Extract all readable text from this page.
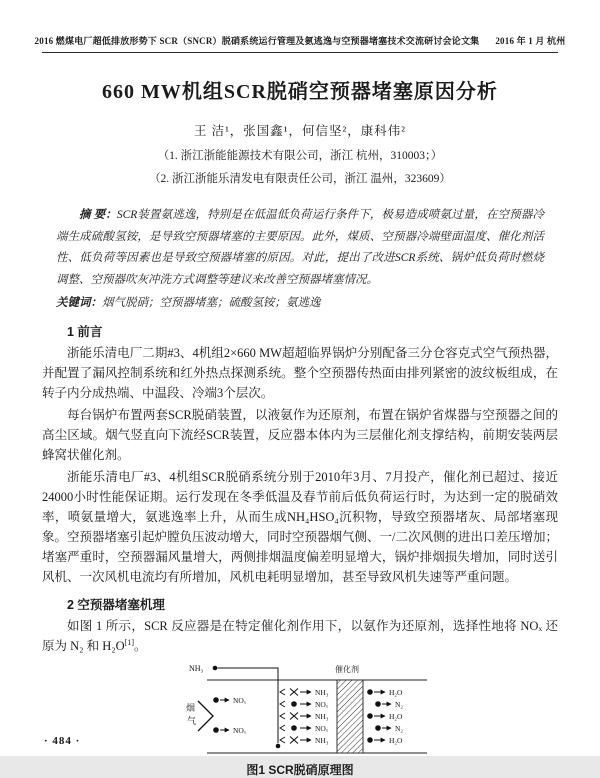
2016 燃煤电厂超低排放形势下 SCR（SNCR）脱硝系统运行管理及氨逃逸与空预器堵塞技术交流研讨会论文集 2016 年 1 月 杭州
660 MW机组SCR脱硝空预器堵塞原因分析
王 洁¹，张国鑫¹，何信坚²，康科伟²
（1. 浙江浙能能源技术有限公司，浙江 杭州，310003；）
（2. 浙江浙能乐清发电有限责任公司，浙江 温州，323609）

摘 要：SCR装置氨逃逸，特别是在低温低负荷运行条件下，极易造成喷氨过量，在空预器冷端生成硫酸氢铵，是导致空预器堵塞的主要原因。此外，煤质、空预器冷端壁面温度、催化剂活性、低负荷等因素也是导致空预器堵塞的原因。对此，提出了改进SCR系统、锅炉低负荷时燃烧调整、空预器吹灰冲洗方式调整等建议来改善空预器堵塞情况。

关键词：烟气脱硝；空预器堵塞；硫酸氢铵；氨逃逸
1 前言

浙能乐清电厂二期#3、4机组2×660 MW超超临界锅炉分别配备三分仓容克式空气预热器，并配置了漏风控制系统和红外热点探测系统。整个空预器传热面由排列紧密的波纹板组成，在转子内分成热端、中温段、冷端3个层次。

每台锅炉布置两套SCR脱硝装置，以液氨作为还原剂，布置在锅炉省煤器与空预器之间的高尘区域。烟气竖直向下流经SCR装置，反应器本体内为三层催化剂支撑结构，前期安装两层蜂窝状催化剂。

浙能乐清电厂#3、4机组SCR脱硝系统分别于2010年3月、7月投产，催化剂已超过、接近24000小时性能保证期。运行发现在冬季低温及春节前后低负荷运行时，为达到一定的脱硝效率，喷氨量增大，氨逃逸率上升，从而生成NH₄HSO₄沉积物，导致空预器堵灰、局部堵塞现象。空预器堵塞引起炉膛负压波动增大，同时空预器烟气侧、一/二次风侧的进出口差压增加；堵塞严重时，空预器漏风量增大，两侧排烟温度偏差明显增大，锅炉排烟损失增加，同时送引风机、一次风机电流均有所增加，风机电耗明显增加，甚至导致风机失速等严重问题。

2 空预器堵塞机理

如图 1 所示，SCR 反应器是在特定催化剂作用下，以氨作为还原剂，选择性地将 NOₓ 还原为 N₂ 和 H₂O[1]。

NH₃
烟
气
NOₓ
NOₓ
NH₃
NOₓ
NH₃
NOₓ
NH₃
催化剂
H₂O
N₂
H₂O
N₂
H₂O
图1 SCR脱硝原理图
· 484 ·
